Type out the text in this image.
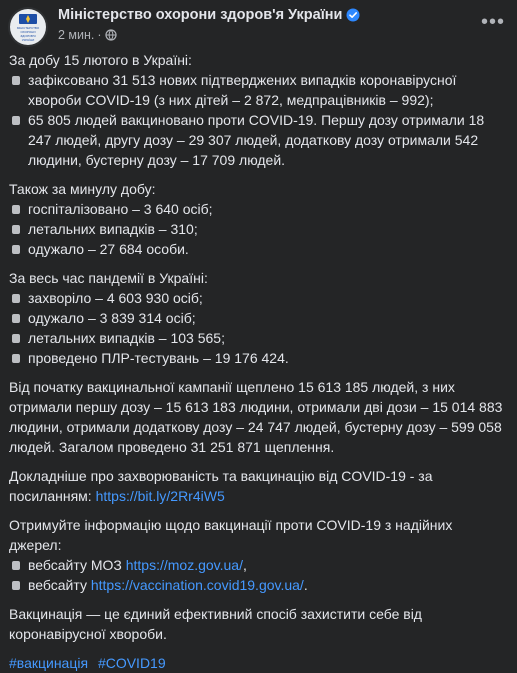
МІНІСТЕРСТВО
ОХОРОНИ
ЗДОРОВ'Я
УКРАЇНИ
Міністерство охорони здоров'я України
2 мин. ·
•••
За добу 15 лютого в Україні:
зафіксовано 31 513 нових підтверджених випадків коронавірусної хвороби COVID-19 (з них дітей – 2 872, медпрацівників – 992);
65 805 людей вакциновано проти COVID-19. Першу дозу отримали 18 247 людей, другу дозу – 29 307 людей, додаткову дозу отримали 542 людини, бустерну дозу – 17 709 людей.
Також за минулу добу:
госпіталізовано – 3 640 осіб;
летальних випадків – 310;
одужало – 27 684 особи.
За весь час пандемії в Україні:
захворіло – 4 603 930 осіб;
одужало – 3 839 314 осіб;
летальних випадків – 103 565;
проведено ПЛР-тестувань – 19 176 424.
Від початку вакцинальної кампанії щеплено 15 613 185 людей, з них отримали першу дозу – 15 613 183 людини, отримали дві дози – 15 014 883 людини, отримали додаткову дозу – 24 747 людей, бустерну дозу – 599 058 людей. Загалом проведено 31 251 871 щеплення.
Докладніше про захворюваність та вакцинацію від COVID-19 - за посиланням: https://bit.ly/2Rr4iW5
Отримуйте інформацію щодо вакцинації проти COVID-19 з надійних джерел:
вебсайту МОЗ https://moz.gov.ua/,
вебсайту https://vaccination.covid19.gov.ua/.
Вакцинація — це єдиний ефективний спосіб захистити себе від коронавірусної хвороби.
#вакцинація #COVID19
